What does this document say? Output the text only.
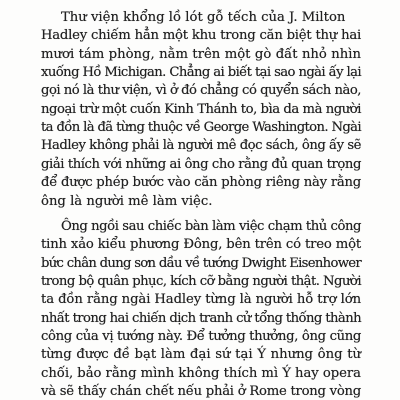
Thư viện khổng lồ lót gỗ tếch của J. Milton
Hadley chiếm hẳn một khu trong căn biệt thự hai
mươi tám phòng, nằm trên một gò đất nhỏ nhìn
xuống Hồ Michigan. Chẳng ai biết tại sao ngài ấy lại
gọi nó là thư viện, vì ở đó chẳng có quyển sách nào,
ngoại trừ một cuốn Kinh Thánh to, bìa da mà người
ta đồn là đã từng thuộc về George Washington. Ngài
Hadley không phải là người mê đọc sách, ông ấy sẽ
giải thích với những ai ông cho rằng đủ quan trọng
để được phép bước vào căn phòng riêng này rằng
ông là người mê làm việc.
Ông ngồi sau chiếc bàn làm việc chạm thủ công
tinh xảo kiểu phương Đông, bên trên có treo một
bức chân dung sơn dầu về tướng Dwight Eisenhower
trong bộ quân phục, kích cỡ bằng người thật. Người
ta đồn rằng ngài Hadley từng là người hỗ trợ lớn
nhất trong hai chiến dịch tranh cử tổng thống thành
công của vị tướng này. Để tưởng thưởng, ông cũng
từng được đề bạt làm đại sứ tại Ý nhưng ông từ
chối, bảo rằng mình không thích mì Ý hay opera
và sẽ thấy chán chết nếu phải ở Rome trong vòng
